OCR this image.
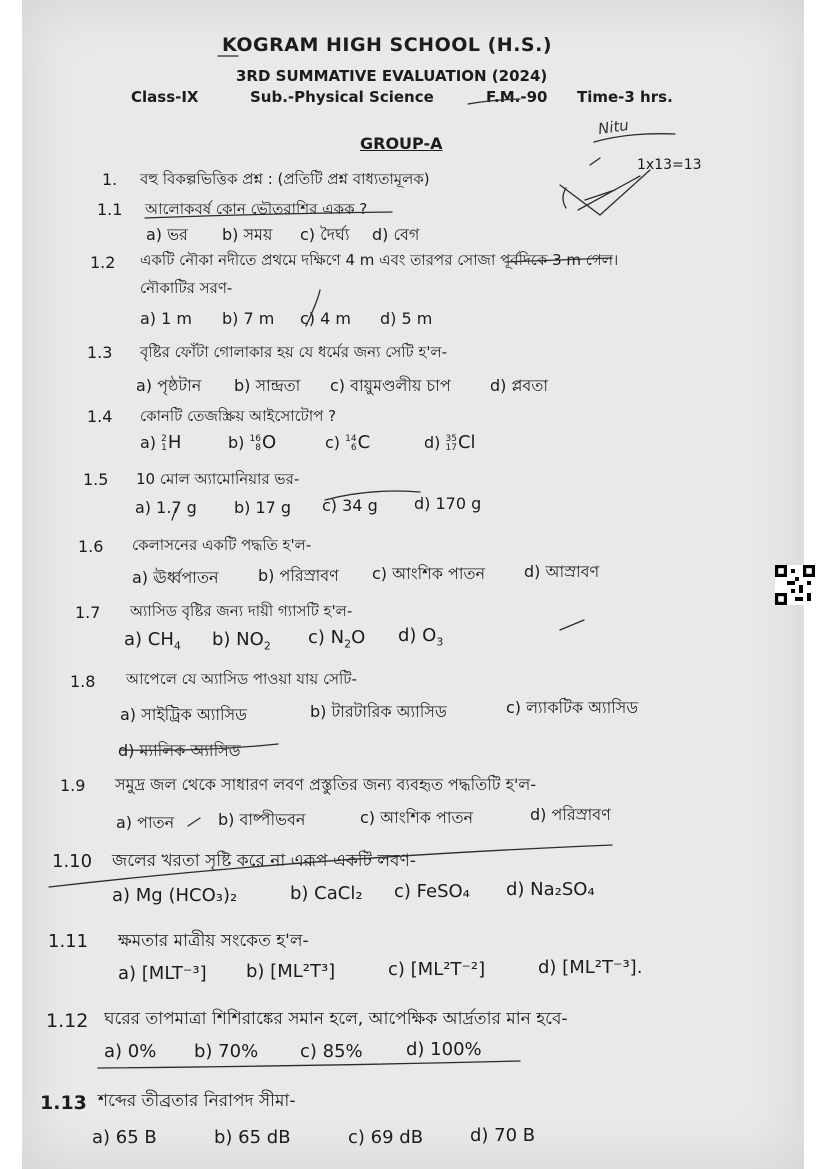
KOGRAM HIGH SCHOOL (H.S.)
3RD SUMMATIVE EVALUATION (2024)
Class-IX	Sub.-Physical Science	F.M.-90 Time-3 hrs.
GROUP-A
Nitu
1. বহু বিকল্পভিত্তিক প্রশ্ন : (প্রতিটি প্রশ্ন বাধ্যতামূলক)
1x13=13
1.1 আলোকবর্ষ কোন ভৌতরাশির একক ?
a) ভর b) সময় c) দৈর্ঘ্য d) বেগ
1.2 একটি নৌকা নদীতে প্রথমে দক্ষিণে 4 m এবং তারপর সোজা পূর্বদিকে 3 m গেল।
নৌকাটির সরণ-
a) 1 m b) 7 m c) 4 m d) 5 m
1.3 বৃষ্টির ফোঁটা গোলাকার হয় যে ধর্মের জন্য সেটি হ'ল-
a) পৃষ্ঠটান b) সান্দ্রতা c) বায়ুমণ্ডলীয় চাপ d) প্লবতা
1.4 কোনটি তেজস্ক্রিয় আইসোটোপ ?
a) 2
1 H	b) 16
8 O	c) 14
6 C	d) 35
17 Cl
1.5 10 মোল অ্যামোনিয়ার ভর-
a) 1.7 g b) 17 g c) 34 g d) 170 g
1.6 কেলাসনের একটি পদ্ধতি হ'ল-
a) ঊর্ধ্বপাতন b) পরিস্রাবণ c) আংশিক পাতন d) আস্রাবণ
1.7 অ্যাসিড বৃষ্টির জন্য দায়ী গ্যাসটি হ'ল-
a) $CH_4$ b) $NO_2$ c) $N_2O$ d) $O_3$
1.8 আপেলে যে অ্যাসিড পাওয়া যায় সেটি-
a) সাইট্রিক অ্যাসিড	b) টারটারিক অ্যাসিড	c) ল্যাকটিক অ্যাসিড
d) ম্যালিক অ্যাসিড
1.9 সমুদ্র জল থেকে সাধারণ লবণ প্রস্তুতির জন্য ব্যবহৃত পদ্ধতিটি হ'ল-
a) পাতন	b) বাষ্পীভবন	c) আংশিক পাতন	d) পরিস্রাবণ
1.10 জলের খরতা সৃষ্টি করে না এরূপ একটি লবণ-
a) Mg (HCO₃)₂	b) CaCl₂ c) FeSO₄ d) Na₂SO₄
1.11 ক্ষমতার মাত্রীয় সংকেত হ'ল-
a) [MLT⁻³] b) [ML²T³]	c) [ML²T⁻²]	d) [ML²T⁻³].
1.12 ঘরের তাপমাত্রা শিশিরাঙ্কের সমান হলে, আপেক্ষিক আর্দ্রতার মান হবে-
a) 0% b) 70% c) 85% d) 100%
1.13 শব্দের তীব্রতার নিরাপদ সীমা-
a) 65 B	b) 65 dB	c) 69 dB	d) 70 B
